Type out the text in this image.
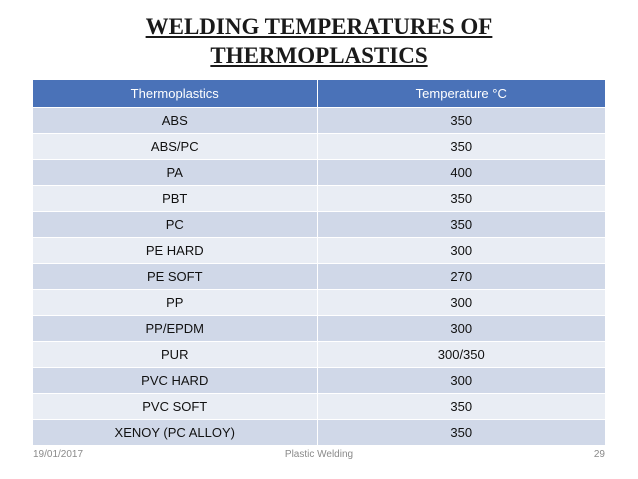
WELDING TEMPERATURES OF
THERMOPLASTICS
Thermoplastics	Temperature °C
ABS	350
ABS/PC	350
PA	400
PBT	350
PC	350
PE HARD	300
PE SOFT	270
PP	300
PP/EPDM	300
PUR	300/350
PVC HARD	300
PVC SOFT	350
XENOY (PC ALLOY)	350
19/01/2017	Plastic Welding	29
